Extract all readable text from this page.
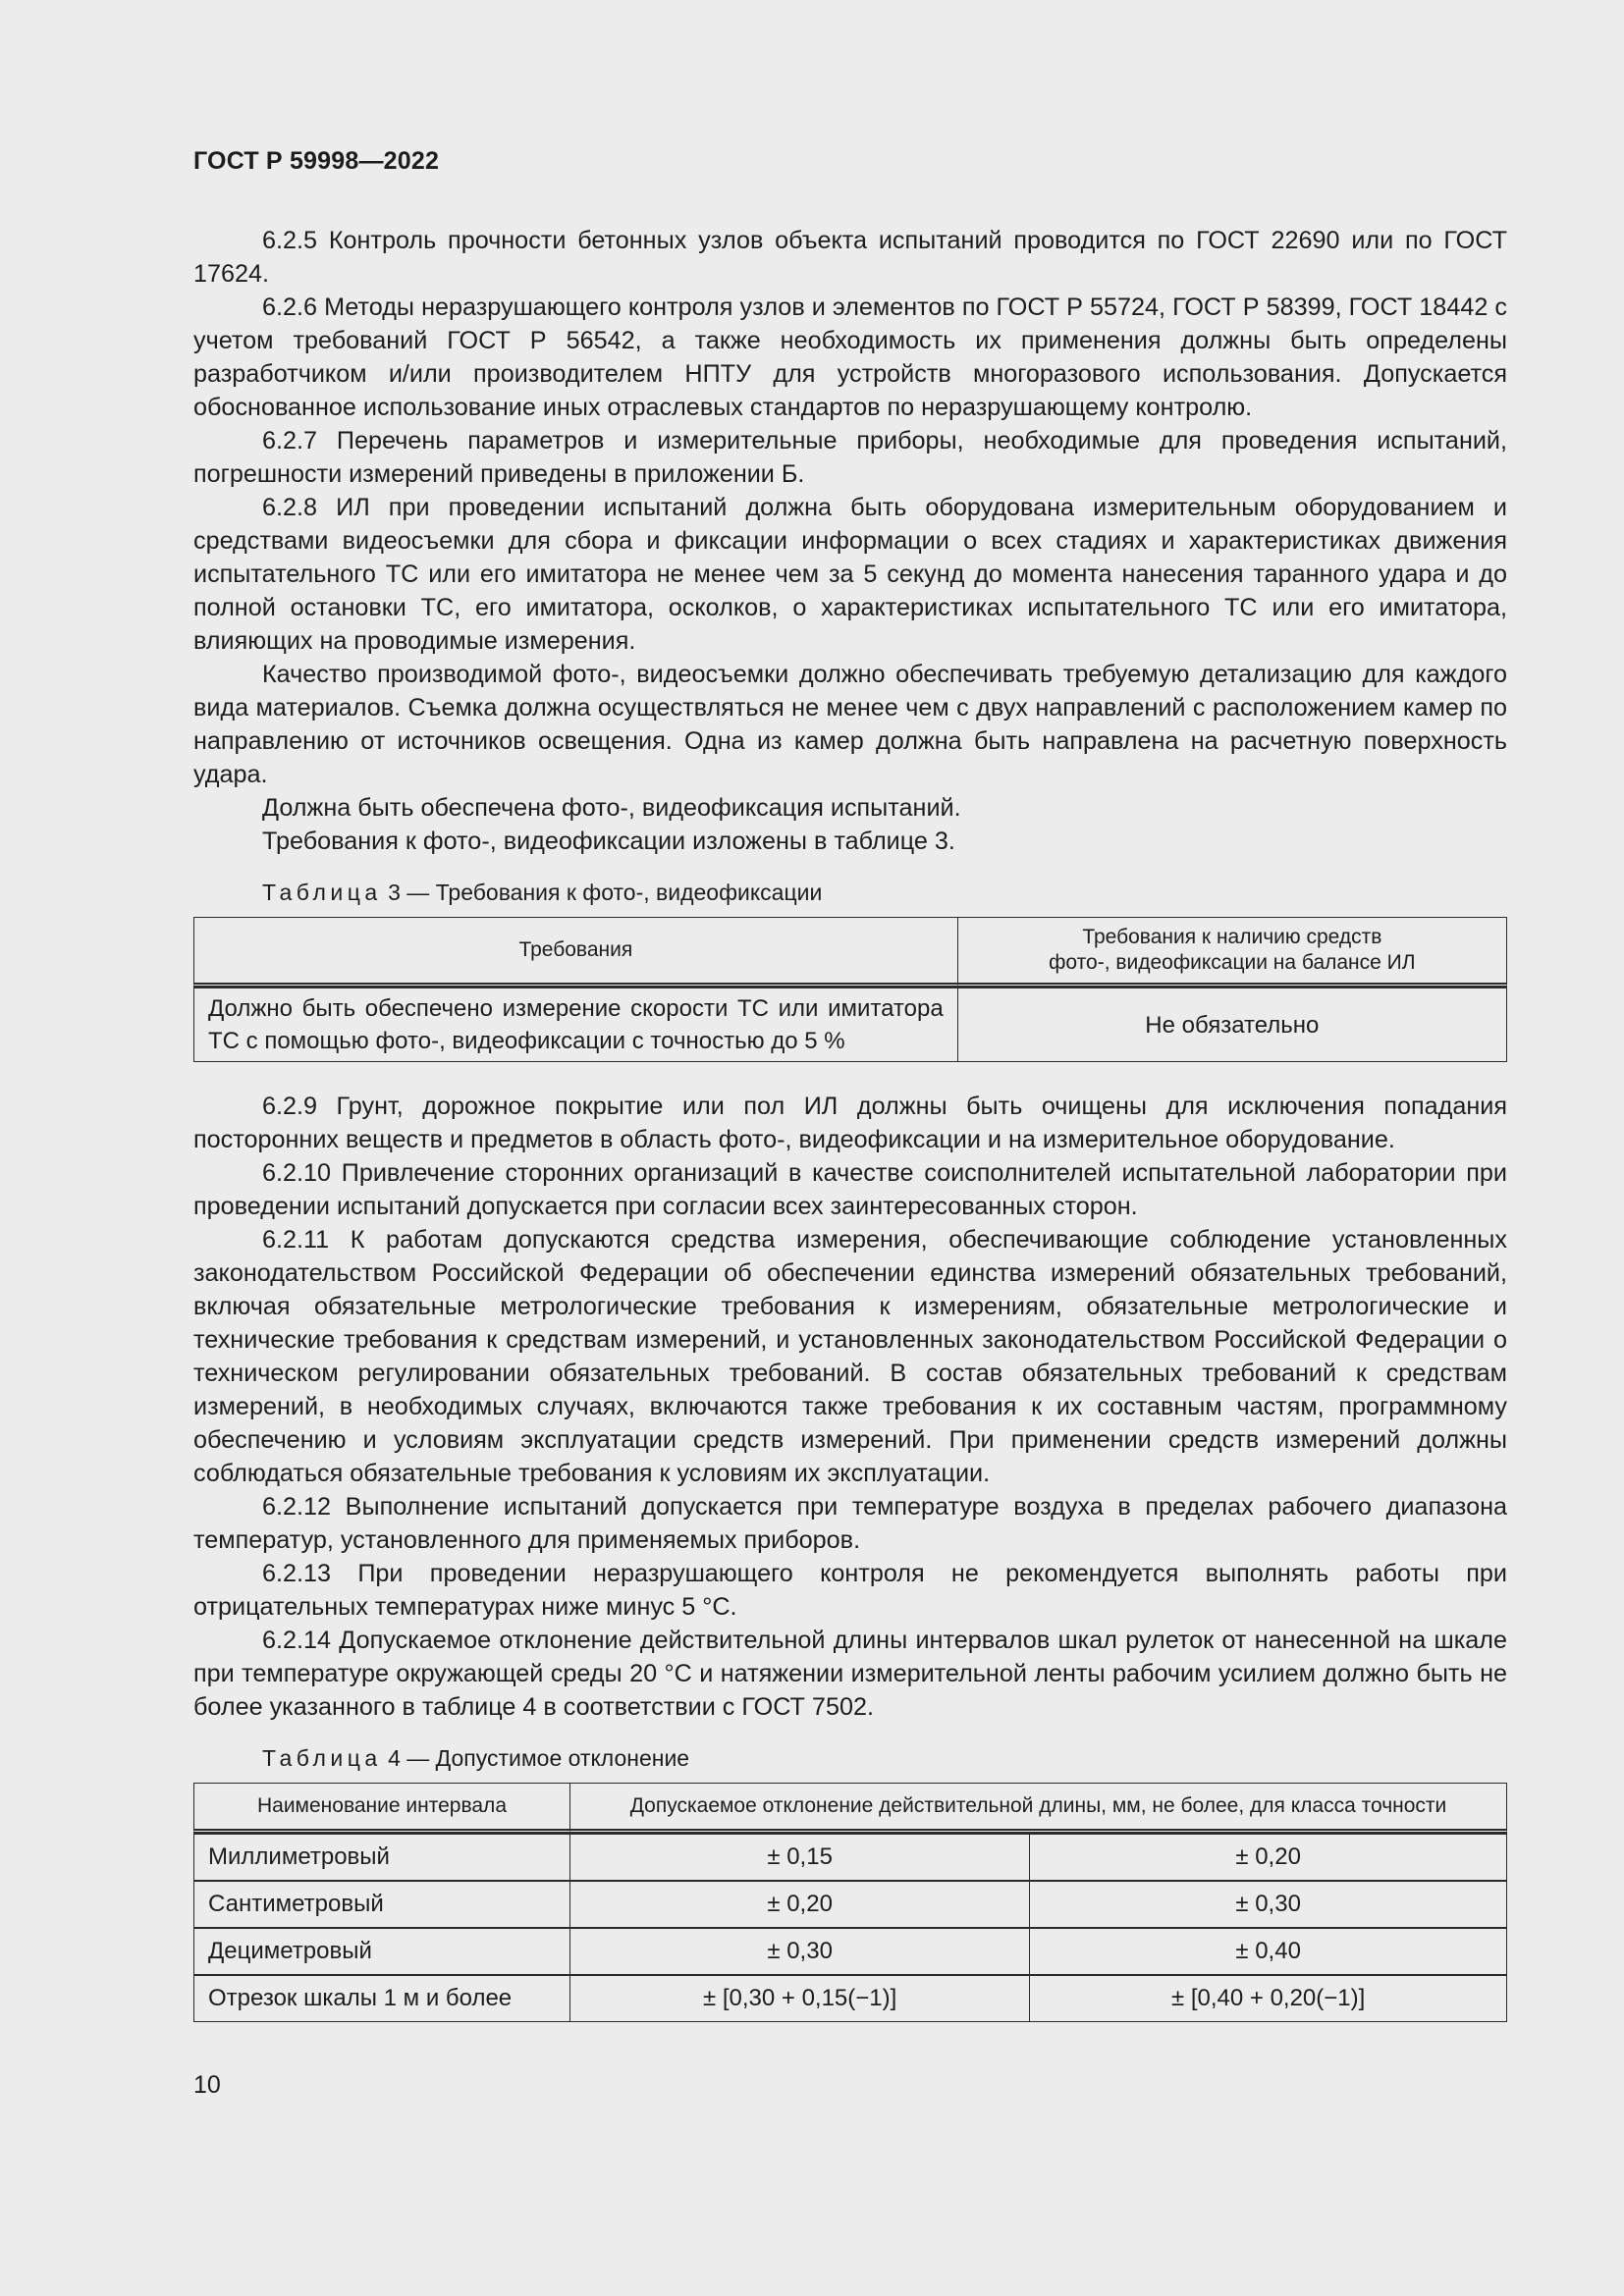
ГОСТ Р 59998—2022

6.2.5 Контроль прочности бетонных узлов объекта испытаний проводится по ГОСТ 22690 или по ГОСТ 17624.

6.2.6 Методы неразрушающего контроля узлов и элементов по ГОСТ Р 55724, ГОСТ Р 58399, ГОСТ 18442 с учетом требований ГОСТ Р 56542, а также необходимость их применения должны быть определены разработчиком и/или производителем НПТУ для устройств многоразового использования. Допускается обоснованное использование иных отраслевых стандартов по неразрушающему контролю.

6.2.7 Перечень параметров и измерительные приборы, необходимые для проведения испытаний, погрешности измерений приведены в приложении Б.

6.2.8 ИЛ при проведении испытаний должна быть оборудована измерительным оборудованием и средствами видеосъемки для сбора и фиксации информации о всех стадиях и характеристиках движения испытательного ТС или его имитатора не менее чем за 5 секунд до момента нанесения таранного удара и до полной остановки ТС, его имитатора, осколков, о характеристиках испытательного ТС или его имитатора, влияющих на проводимые измерения.

Качество производимой фото-, видеосъемки должно обеспечивать требуемую детализацию для каждого вида материалов. Съемка должна осуществляться не менее чем с двух направлений с расположением камер по направлению от источников освещения. Одна из камер должна быть направлена на расчетную поверхность удара.

Должна быть обеспечена фото-, видеофиксация испытаний.

Требования к фото-, видеофиксации изложены в таблице 3.

Таблица 3 — Требования к фото-, видеофиксации

Требования	Требования к наличию средств
фото-, видеофиксации на балансе ИЛ
Должно быть обеспечено измерение скорости ТС или имитатора ТС с помощью фото-, видеофиксации с точностью до 5 %	Не обязательно

6.2.9 Грунт, дорожное покрытие или пол ИЛ должны быть очищены для исключения попадания посторонних веществ и предметов в область фото-, видеофиксации и на измерительное оборудование.

6.2.10 Привлечение сторонних организаций в качестве соисполнителей испытательной лаборатории при проведении испытаний допускается при согласии всех заинтересованных сторон.

6.2.11 К работам допускаются средства измерения, обеспечивающие соблюдение установленных законодательством Российской Федерации об обеспечении единства измерений обязательных требований, включая обязательные метрологические требования к измерениям, обязательные метрологические и технические требования к средствам измерений, и установленных законодательством Российской Федерации о техническом регулировании обязательных требований. В состав обязательных требований к средствам измерений, в необходимых случаях, включаются также требования к их составным частям, программному обеспечению и условиям эксплуатации средств измерений. При применении средств измерений должны соблюдаться обязательные требования к условиям их эксплуатации.

6.2.12 Выполнение испытаний допускается при температуре воздуха в пределах рабочего диапазона температур, установленного для применяемых приборов.

6.2.13 При проведении неразрушающего контроля не рекомендуется выполнять работы при отрицательных температурах ниже минус 5 °С.

6.2.14 Допускаемое отклонение действительной длины интервалов шкал рулеток от нанесенной на шкале при температуре окружающей среды 20 °С и натяжении измерительной ленты рабочим усилием должно быть не более указанного в таблице 4 в соответствии с ГОСТ 7502.

Таблица 4 — Допустимое отклонение

Наименование интервала	Допускаемое отклонение действительной длины, мм, не более, для класса точности	
Миллиметровый	± 0,15	± 0,20
Сантиметровый	± 0,20	± 0,30
Дециметровый	± 0,30	± 0,40
Отрезок шкалы 1 м и более	± [0,30 + 0,15(−1)]	± [0,40 + 0,20(−1)]
10
